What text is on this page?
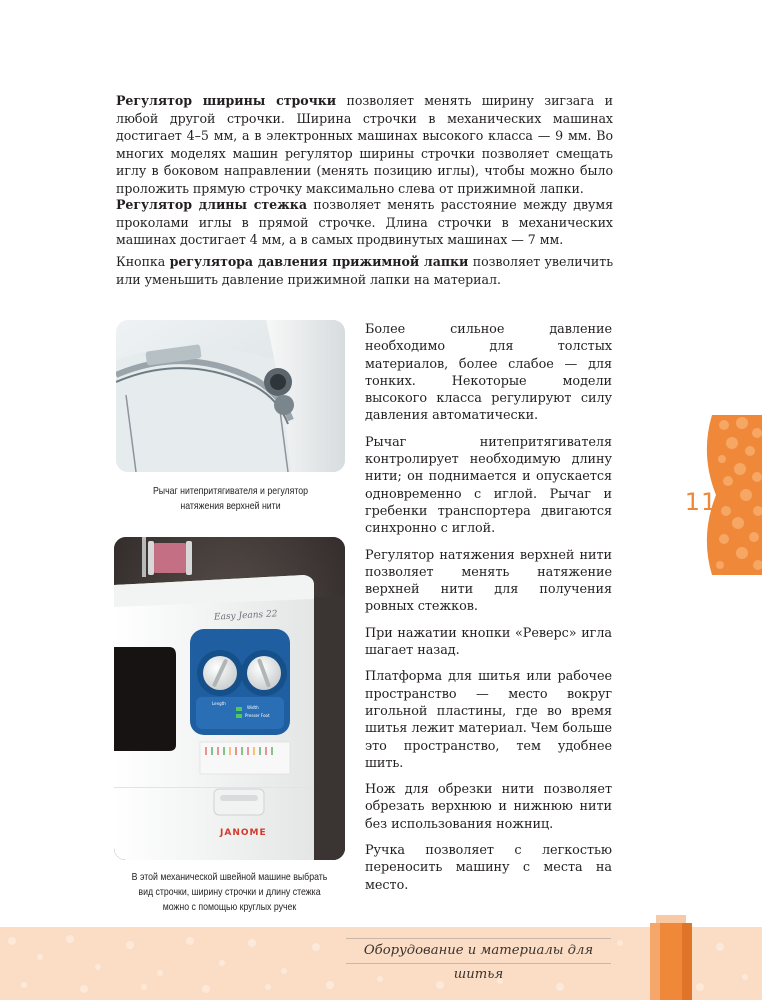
Регулятор ширины строчки позволяет менять ширину зигзага и любой другой строчки. Ширина строчки в механических машинах достигает 4–5 мм, а в электронных машинах высокого класса — 9 мм. Во многих моделях машин регулятор ширины строчки позволяет смещать иглу в боковом направлении (менять позицию иглы), чтобы можно было проложить прямую строчку максимально слева от прижимной лапки.

Регулятор длины стежка позволяет менять расстояние между двумя проколами иглы в прямой строчке. Длина строчки в механических машинах достигает 4 мм, а в самых продвинутых машинах — 7 мм.

Кнопка регулятора давления прижимной лапки позволяет увеличить или уменьшить давление прижимной лапки на материал.

Рычаг нитепритягивателя и регулятор натяжения верхней нити

Easy Jeans 22
Length
Width
Presser Foot
JANOME

В этой механической швейной машине выбрать вид строчки, ширину строчки и длину стежка можно с помощью круглых ручек

Более сильное давление необходимо для толстых материалов, более слабое — для тонких. Некоторые модели высокого класса регулируют силу давления автоматически.

Рычаг нитепритягивателя контролирует необходимую длину нити; он поднимается и опускается одновременно с иглой. Рычаг и гребенки транспортера двигаются синхронно с иглой.

Регулятор натяжения верхней нити позволяет менять натяжение верхней нити для получения ровных стежков.

При нажатии кнопки «Реверс» игла шагает назад.

Платформа для шитья или рабочее пространство — место вокруг игольной пластины, где во время шитья лежит материал. Чем больше это пространство, тем удобнее шить.

Нож для обрезки нити позволяет обрезать верхнюю и нижнюю нити без использования ножниц.

Ручка позволяет с легкостью переносить машину с места на место.

11
Оборудование и материалы для шитья
